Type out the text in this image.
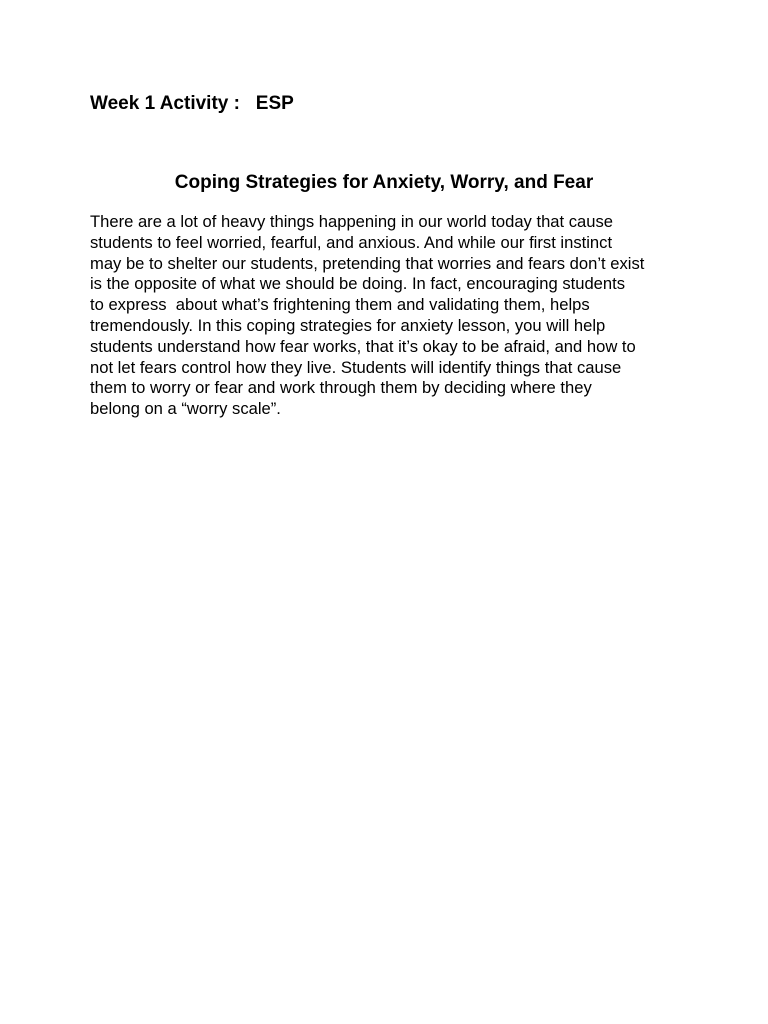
Week 1 Activity :   ESP
Coping Strategies for Anxiety, Worry, and Fear
There are a lot of heavy things happening in our world today that cause
students to feel worried, fearful, and anxious. And while our first instinct
may be to shelter our students, pretending that worries and fears don’t exist
is the opposite of what we should be doing. In fact, encouraging students
to express  about what’s frightening them and validating them, helps
tremendously. In this coping strategies for anxiety lesson, you will help
students understand how fear works, that it’s okay to be afraid, and how to
not let fears control how they live. Students will identify things that cause
them to worry or fear and work through them by deciding where they
belong on a “worry scale”.
